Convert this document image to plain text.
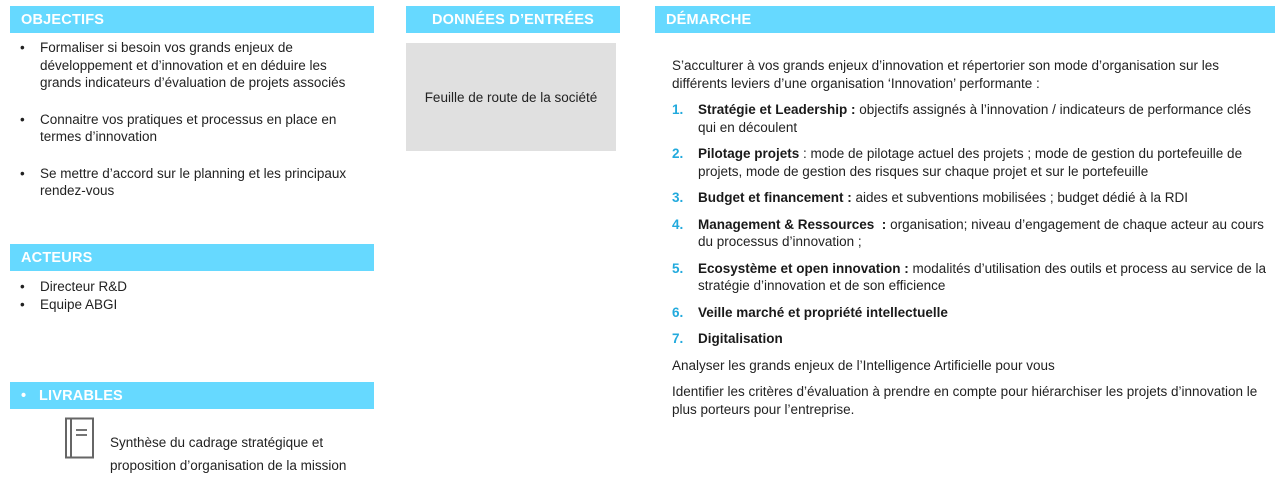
OBJECTIFS
• Formaliser si besoin vos grands enjeux de développement et d’innovation et en déduire les grands indicateurs d’évaluation de projets associés
• Connaitre vos pratiques et processus en place en termes d’innovation
• Se mettre d’accord sur le planning et les principaux rendez-vous
DONNÉES D’ENTRÉES
Feuille de route de la société
ACTEURS
• Directeur R&D
• Equipe ABGI
•   LIVRABLES
Synthèse du cadrage stratégique et proposition d’organisation de la mission
DÉMARCHE

S’acculturer à vos grands enjeux d’innovation et répertorier son mode d’organisation sur les différents leviers d’une organisation ‘Innovation’ performante :

1. Stratégie et Leadership : objectifs assignés à l’innovation / indicateurs de performance clés qui en découlent
2. Pilotage projets : mode de pilotage actuel des projets ; mode de gestion du portefeuille de projets, mode de gestion des risques sur chaque projet et sur le portefeuille
3. Budget et financement : aides et subventions mobilisées ; budget dédié à la RDI
4. Management & Ressources  : organisation; niveau d’engagement de chaque acteur au cours du processus d’innovation ;
5. Ecosystème et open innovation : modalités d’utilisation des outils et process au service de la stratégie d’innovation et de son efficience
6. Veille marché et propriété intellectuelle
7. Digitalisation

Analyser les grands enjeux de l’Intelligence Artificielle pour vous

Identifier les critères d’évaluation à prendre en compte pour hiérarchiser les projets d’innovation le plus porteurs pour l’entreprise.
